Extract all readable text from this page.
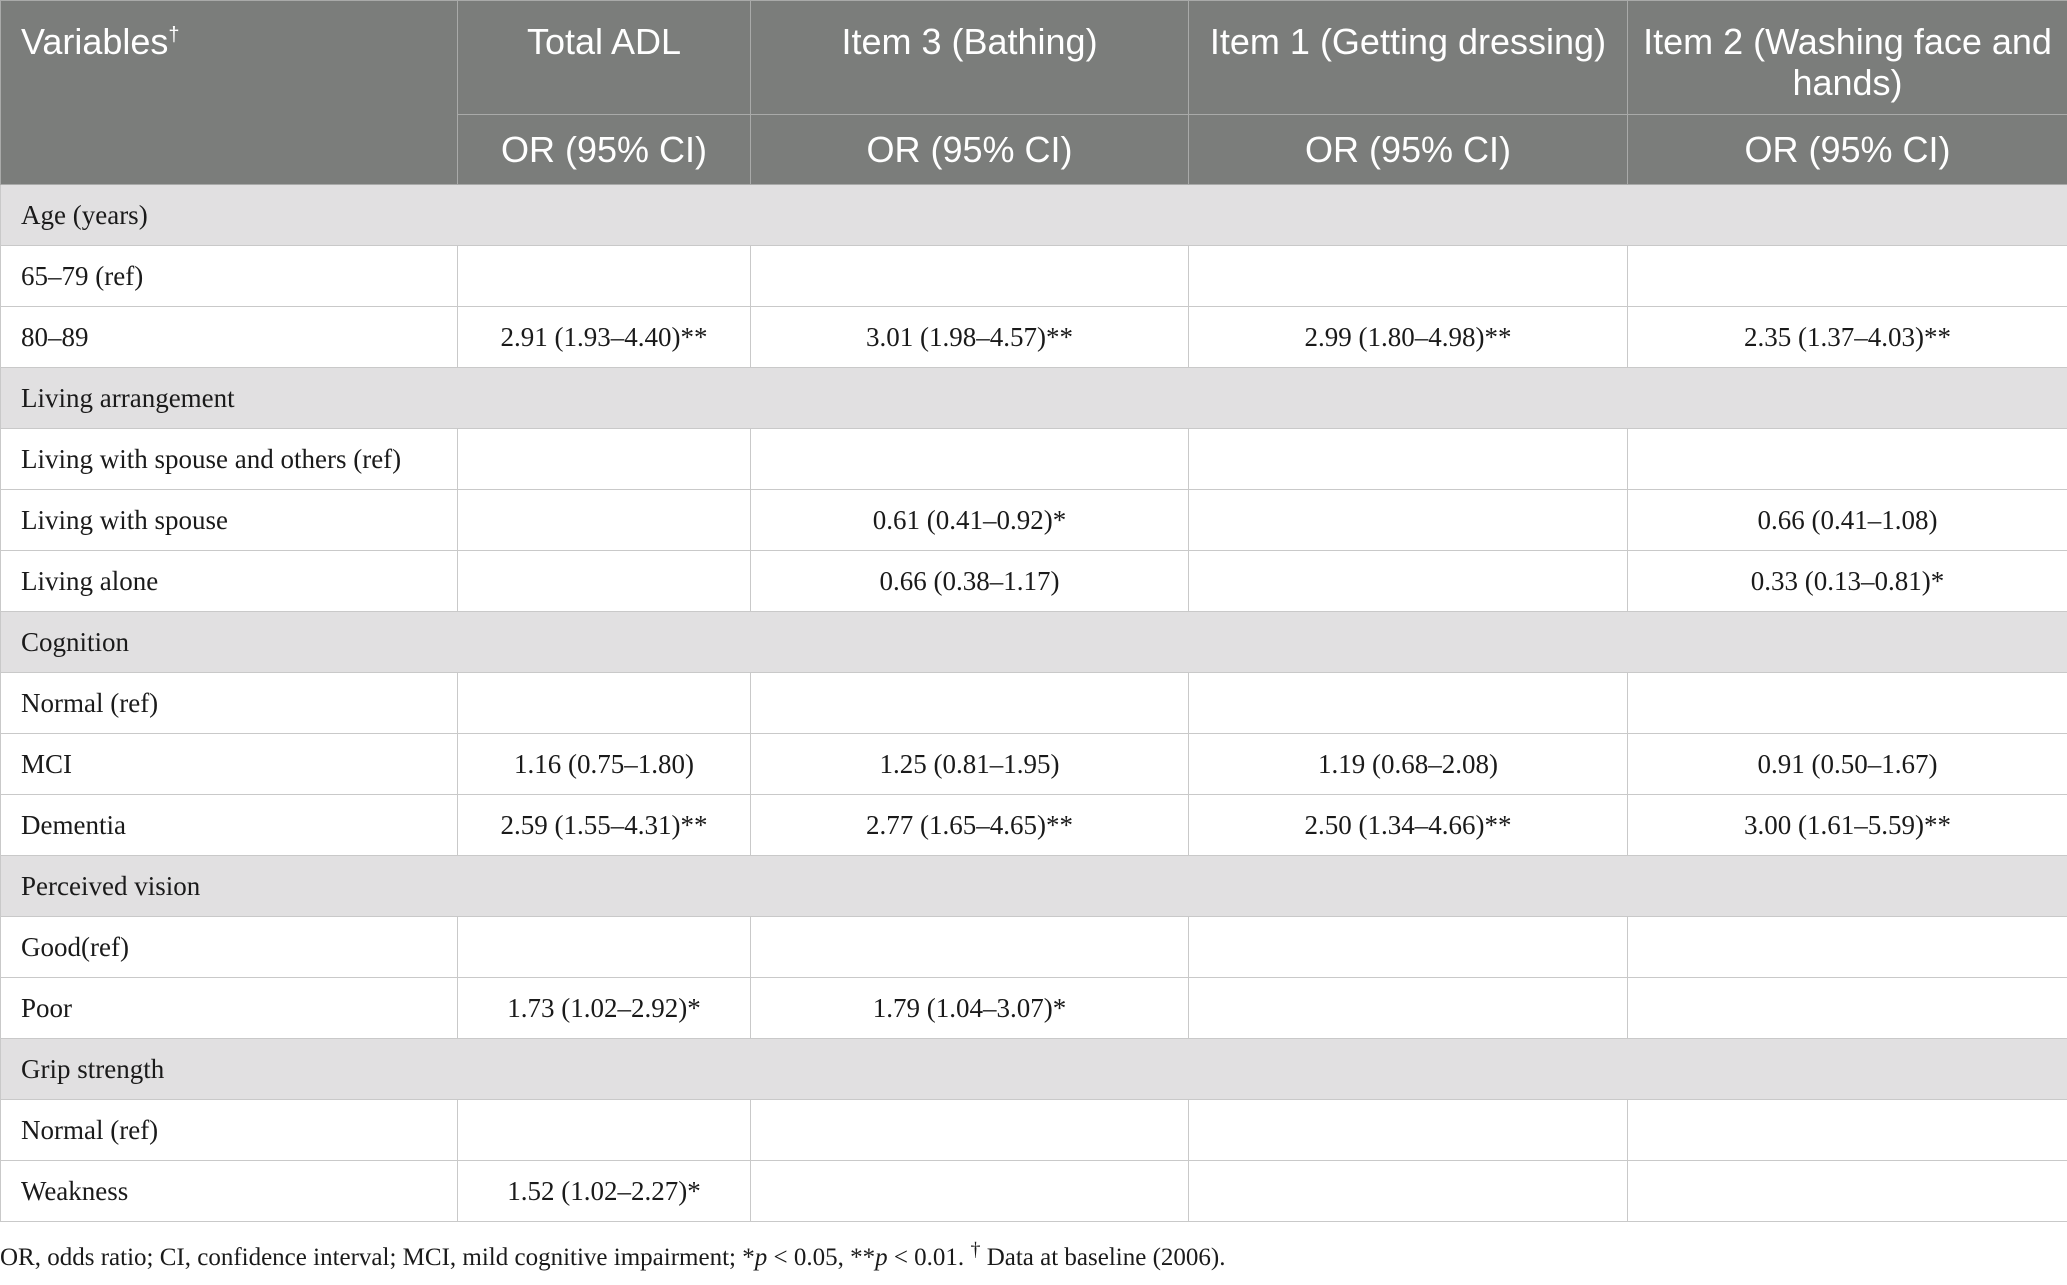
Variables†	Total ADL	Item 3 (Bathing)	Item 1 (Getting dressing)	Item 2 (Washing face and hands)
	OR (95% CI)	OR (95% CI)	OR (95% CI)	OR (95% CI)
Age (years)				
65–79 (ref)				
80–89	2.91 (1.93–4.40)**	3.01 (1.98–4.57)**	2.99 (1.80–4.98)**	2.35 (1.37–4.03)**
Living arrangement				
Living with spouse and others (ref)				
Living with spouse		0.61 (0.41–0.92)*		0.66 (0.41–1.08)
Living alone		0.66 (0.38–1.17)		0.33 (0.13–0.81)*
Cognition				
Normal (ref)				
MCI	1.16 (0.75–1.80)	1.25 (0.81–1.95)	1.19 (0.68–2.08)	0.91 (0.50–1.67)
Dementia	2.59 (1.55–4.31)**	2.77 (1.65–4.65)**	2.50 (1.34–4.66)**	3.00 (1.61–5.59)**
Perceived vision				
Good(ref)				
Poor	1.73 (1.02–2.92)*	1.79 (1.04–3.07)*		
Grip strength				
Normal (ref)				
Weakness	1.52 (1.02–2.27)*			
OR, odds ratio; CI, confidence interval; MCI, mild cognitive impairment; *p < 0.05, **p < 0.01. † Data at baseline (2006).
